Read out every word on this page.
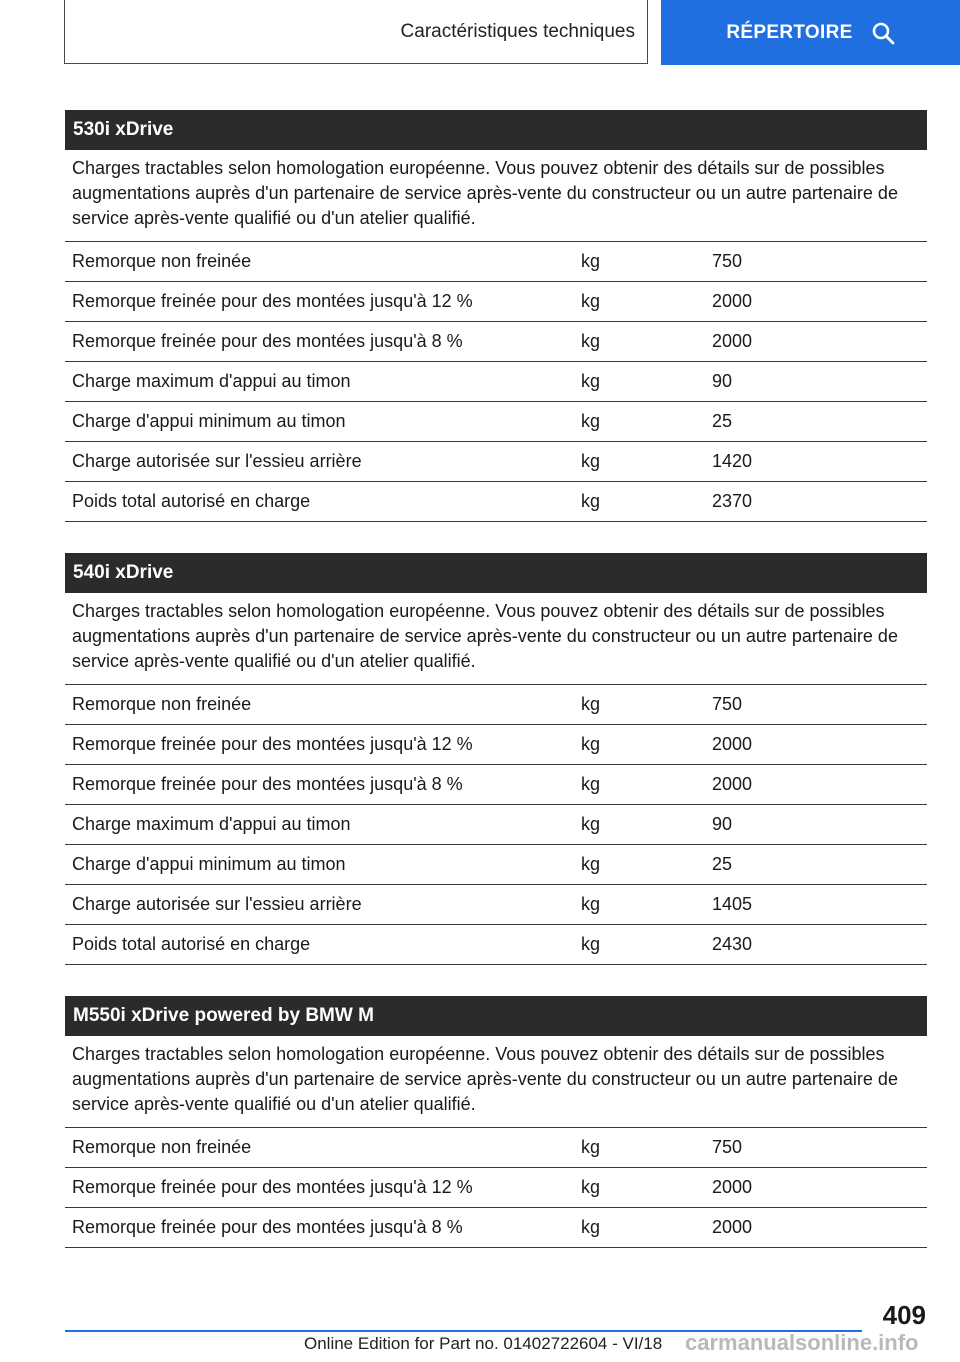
Caractéristiques techniques	RÉPERTOIRE
530i xDrive
Charges tractables selon homologation européenne. Vous pouvez obtenir des détails sur de possibles augmentations auprès d'un partenaire de service après-vente du constructeur ou un autre partenaire de service après-vente qualifié ou d'un atelier qualifié.
Remorque non freinée	kg	750
Remorque freinée pour des montées jusqu'à 12 %	kg	2000
Remorque freinée pour des montées jusqu'à 8 %	kg	2000
Charge maximum d'appui au timon	kg	90
Charge d'appui minimum au timon	kg	25
Charge autorisée sur l'essieu arrière	kg	1420
Poids total autorisé en charge	kg	2370
540i xDrive
Charges tractables selon homologation européenne. Vous pouvez obtenir des détails sur de possibles augmentations auprès d'un partenaire de service après-vente du constructeur ou un autre partenaire de service après-vente qualifié ou d'un atelier qualifié.
Remorque non freinée	kg	750
Remorque freinée pour des montées jusqu'à 12 %	kg	2000
Remorque freinée pour des montées jusqu'à 8 %	kg	2000
Charge maximum d'appui au timon	kg	90
Charge d'appui minimum au timon	kg	25
Charge autorisée sur l'essieu arrière	kg	1405
Poids total autorisé en charge	kg	2430
M550i xDrive powered by BMW M
Charges tractables selon homologation européenne. Vous pouvez obtenir des détails sur de possibles augmentations auprès d'un partenaire de service après-vente du constructeur ou un autre partenaire de service après-vente qualifié ou d'un atelier qualifié.
Remorque non freinée	kg	750
Remorque freinée pour des montées jusqu'à 12 %	kg	2000
Remorque freinée pour des montées jusqu'à 8 %	kg	2000
409
Online Edition for Part no. 01402722604 - VI/18 carmanualsonline.info
